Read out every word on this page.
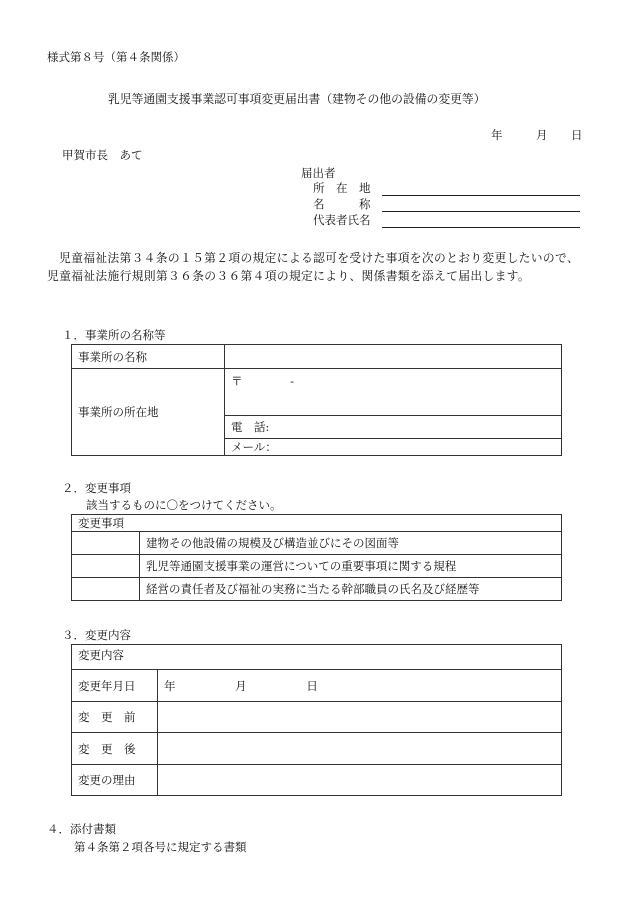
様式第８号（第４条関係）
乳児等通園支援事業認可事項変更届出書（建物その他の設備の変更等）
年	月 日
甲賀市長　あて
届出者
所　在　地
名　　　称
代表者氏名
児童福祉法第３４条の１５第２項の規定による認可を受けた事項を次のとおり変更したいので、児童福祉法施行規則第３６条の３６第４項の規定により、関係書類を添えて届出します。
１．事業所の名称等
事業所の名称	
事業所の所在地	〒 -
	電　話:
	メール：
２．変更事項
該当するものに〇をつけてください。
変更事項	
	建物その他設備の規模及び構造並びにその図面等
	乳児等通園支援事業の運営についての重要事項に関する規程
	経営の責任者及び福祉の実務に当たる幹部職員の氏名及び経歴等
３．変更内容
変更内容	
変更年月日	年 月 日
変　更　前	
変　更　後	
変更の理由	
４．添付書類
第４条第２項各号に規定する書類
